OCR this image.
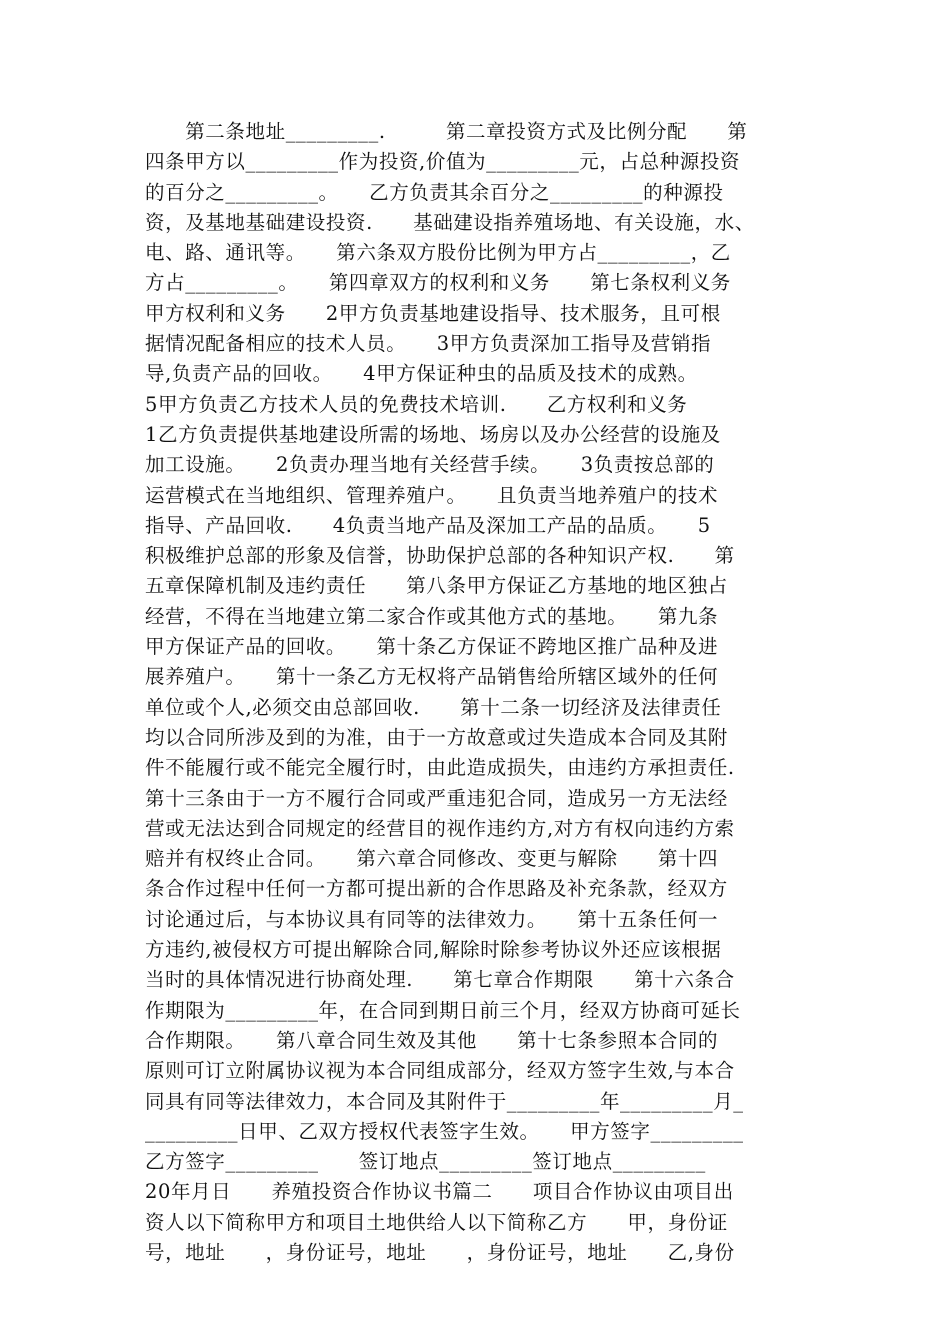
　　第二条地址_________.　　　第二章投资方式及比例分配　　第
四条甲方以_________作为投资,价值为_________元，占总种源投资
的百分之_________。　　乙方负责其余百分之_________的种源投
资，及基地基础建设投资.　　基础建设指养殖场地、有关设施，水、
电、路、通讯等。　　第六条双方股份比例为甲方占_________，乙
方占_________。　　第四章双方的权利和义务　　第七条权利义务
甲方权利和义务　　2甲方负责基地建设指导、技术服务，且可根
据情况配备相应的技术人员。　　3甲方负责深加工指导及营销指
导,负责产品的回收。　　4甲方保证种虫的品质及技术的成熟。
5甲方负责乙方技术人员的免费技术培训.　　乙方权利和义务
1乙方负责提供基地建设所需的场地、场房以及办公经营的设施及
加工设施。　　2负责办理当地有关经营手续。　　3负责按总部的
运营模式在当地组织、管理养殖户。　　且负责当地养殖户的技术
指导、产品回收.　　4负责当地产品及深加工产品的品质。　　5
积极维护总部的形象及信誉，协助保护总部的各种知识产权.　　第
五章保障机制及违约责任　　第八条甲方保证乙方基地的地区独占
经营，不得在当地建立第二家合作或其他方式的基地。　　第九条
甲方保证产品的回收。　　第十条乙方保证不跨地区推广品种及进
展养殖户。　　第十一条乙方无权将产品销售给所辖区域外的任何
单位或个人,必须交由总部回收.　　第十二条一切经济及法律责任
均以合同所涉及到的为准，由于一方故意或过失造成本合同及其附
件不能履行或不能完全履行时，由此造成损失，由违约方承担责任.
第十三条由于一方不履行合同或严重违犯合同，造成另一方无法经
营或无法达到合同规定的经营目的视作违约方,对方有权向违约方索
赔并有权终止合同。　　第六章合同修改、变更与解除　　第十四
条合作过程中任何一方都可提出新的合作思路及补充条款，经双方
讨论通过后，与本协议具有同等的法律效力。　　第十五条任何一
方违约,被侵权方可提出解除合同,解除时除参考协议外还应该根据
当时的具体情况进行协商处理.　　第七章合作期限　　第十六条合
作期限为_________年，在合同到期日前三个月，经双方协商可延长
合作期限。　　第八章合同生效及其他　　第十七条参照本合同的
原则可订立附属协议视为本合同组成部分，经双方签字生效,与本合
同具有同等法律效力，本合同及其附件于_________年_________月_
_________日甲、乙双方授权代表签字生效。　　甲方签字_________
乙方签字_________　　签订地点_________签订地点_________
20年月日　　养殖投资合作协议书篇二　　项目合作协议由项目出
资人以下简称甲方和项目土地供给人以下简称乙方　　甲，身份证
号，地址　　，身份证号，地址　　，身份证号，地址　　乙,身份
